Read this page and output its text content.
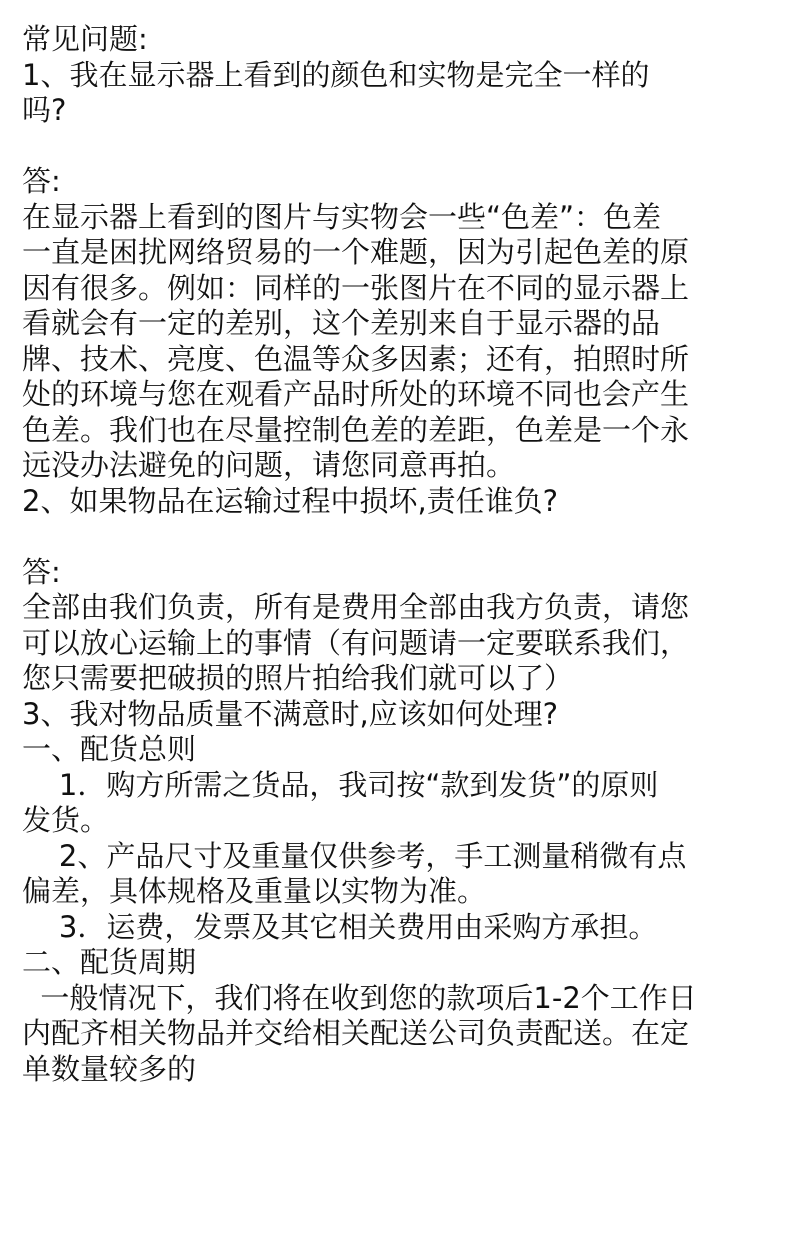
常见问题:
1、我在显示器上看到的颜色和实物是完全一样的
吗?
答:
在显示器上看到的图片与实物会一些“色差”：色差
一直是困扰网络贸易的一个难题，因为引起色差的原
因有很多。例如：同样的一张图片在不同的显示器上
看就会有一定的差别，这个差别来自于显示器的品
牌、技术、亮度、色温等众多因素；还有，拍照时所
处的环境与您在观看产品时所处的环境不同也会产生
色差。我们也在尽量控制色差的差距，色差是一个永
远没办法避免的问题，请您同意再拍。
2、如果物品在运输过程中损坏,责任谁负?
答:
全部由我们负责，所有是费用全部由我方负责，请您
可以放心运输上的事情（有问题请一定要联系我们，
您只需要把破损的照片拍给我们就可以了）
3、我对物品质量不满意时,应该如何处理?
一、配货总则
1．购方所需之货品，我司按“款到发货”的原则
发货。
2、产品尺寸及重量仅供参考，手工测量稍微有点
偏差，具体规格及重量以实物为准。
3．运费，发票及其它相关费用由采购方承担。
二、配货周期
一般情况下，我们将在收到您的款项后1-2个工作日
内配齐相关物品并交给相关配送公司负责配送。在定
单数量较多的
